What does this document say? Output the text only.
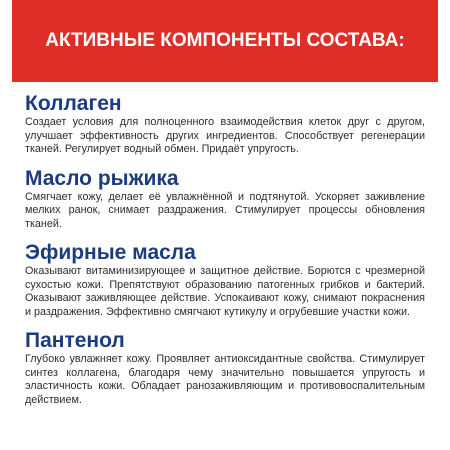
АКТИВНЫЕ КОМПОНЕНТЫ СОСТАВА:
Коллаген

Создает условия для полноценного взаимодействия клеток друг с другом, улучшает эффективность других ингредиентов. Способствует регенерации тканей. Регулирует водный обмен. Придаёт упругость.

Масло рыжика

Смягчает кожу, делает её увлажнённой и подтянутой. Ускоряет заживление мелких ранок, снимает раздражения. Стимулирует процессы обновления тканей.

Эфирные масла

Оказывают витаминизирующее и защитное действие. Борются с чрезмерной сухостью кожи. Препятствуют образованию патогенных грибков и бактерий. Оказывают заживляющее действие. Успокаивают кожу, снимают покраснения и раздражения. Эффективно смягчают кутикулу и огрубевшие участки кожи.

Пантенол

Глубоко увлажняет кожу. Проявляет антиоксидантные свойства. Стимулирует синтез коллагена, благодаря чему значительно повышается упругость и эластичность кожи. Обладает ранозаживляющим и противовоспалительным действием.
